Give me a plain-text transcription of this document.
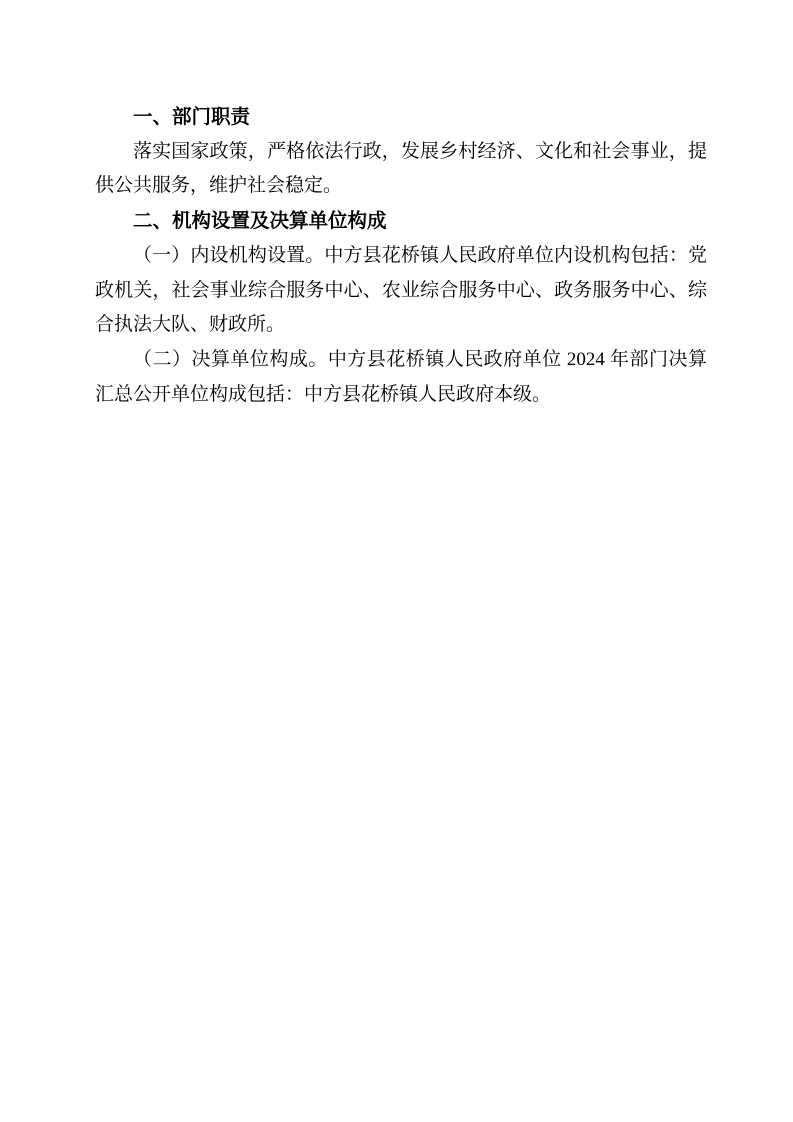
一、部门职责
落实国家政策，严格依法行政，发展乡村经济、文化和社会事业，提
供公共服务，维护社会稳定。
二、机构设置及决算单位构成
（一）内设机构设置。中方县花桥镇人民政府单位内设机构包括：党
政机关，社会事业综合服务中心、农业综合服务中心、政务服务中心、综
合执法大队、财政所。
（二）决算单位构成。中方县花桥镇人民政府单位 2024 年部门决算
汇总公开单位构成包括：中方县花桥镇人民政府本级。
